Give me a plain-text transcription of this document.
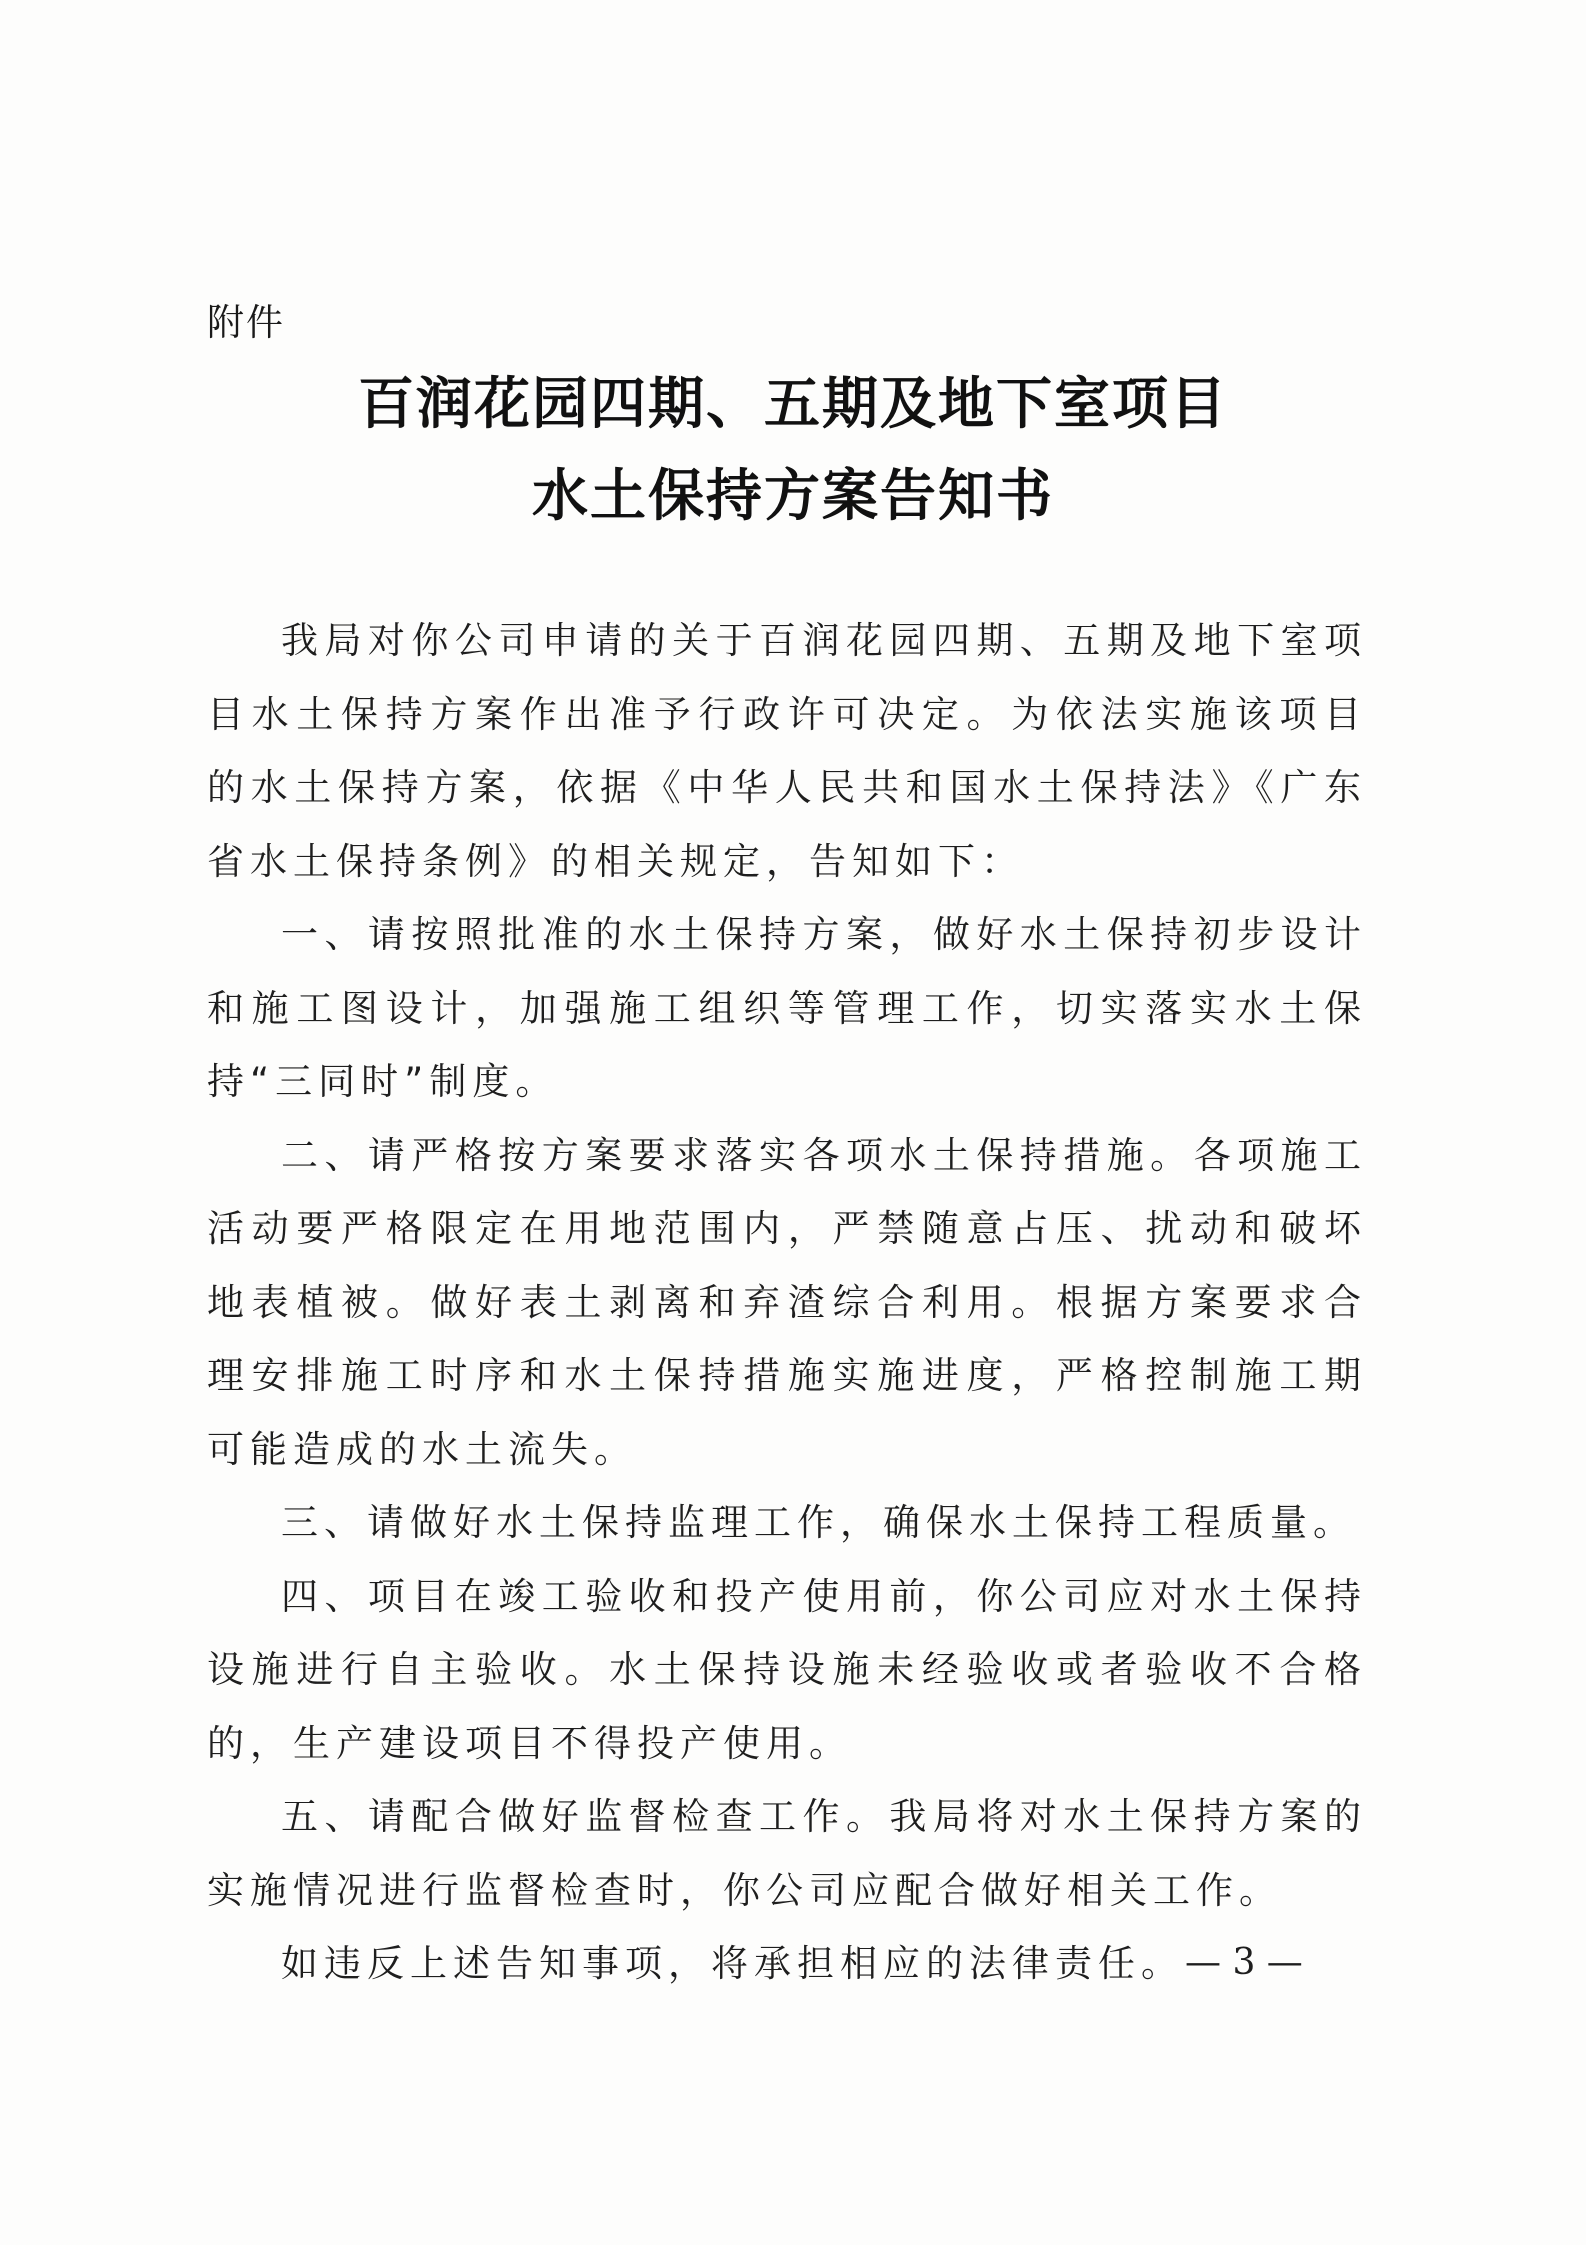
附件
百润花园四期、五期及地下室项目
水土保持方案告知书

我局对你公司申请的关于百润花园四期、五期及地下室项目水土保持方案作出准予行政许可决定。为依法实施该项目的水土保持方案，依据《中华人民共和国水土保持法》《广东省水土保持条例》的相关规定，告知如下：

一、请按照批准的水土保持方案，做好水土保持初步设计和施工图设计，加强施工组织等管理工作，切实落实水土保持“三同时”制度。

二、请严格按方案要求落实各项水土保持措施。各项施工活动要严格限定在用地范围内，严禁随意占压、扰动和破坏地表植被。做好表土剥离和弃渣综合利用。根据方案要求合理安排施工时序和水土保持措施实施进度，严格控制施工期可能造成的水土流失。

三、请做好水土保持监理工作，确保水土保持工程质量。

四、项目在竣工验收和投产使用前，你公司应对水土保持设施进行自主验收。水土保持设施未经验收或者验收不合格的，生产建设项目不得投产使用。

五、请配合做好监督检查工作。我局将对水土保持方案的实施情况进行监督检查时，你公司应配合做好相关工作。

如违反上述告知事项，将承担相应的法律责任。 — 3 —
